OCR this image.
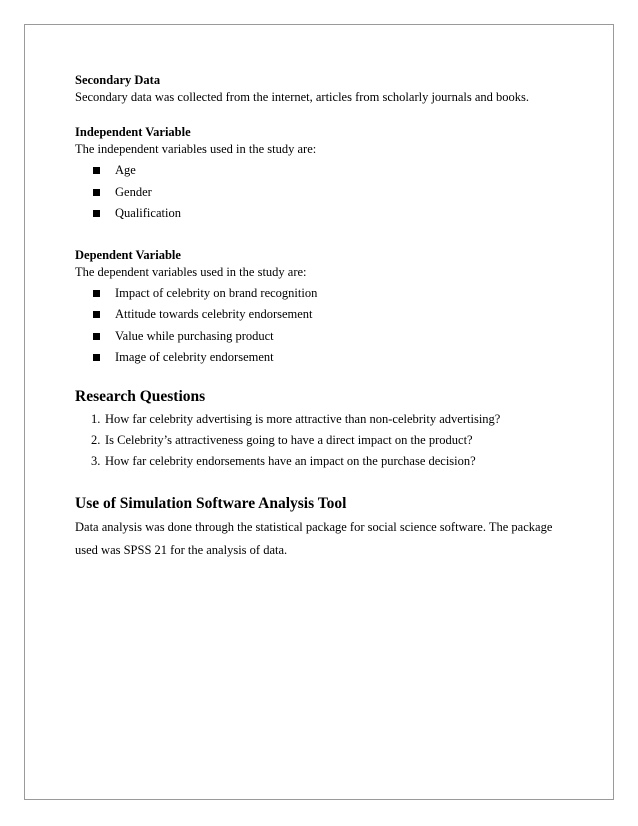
Secondary Data

Secondary data was collected from the internet, articles from scholarly journals and books.

Independent Variable

The independent variables used in the study are:

Age
Gender
Qualification

Dependent Variable

The dependent variables used in the study are:

Impact of celebrity on brand recognition
Attitude towards celebrity endorsement
Value while purchasing product
Image of celebrity endorsement

Research Questions

1. How far celebrity advertising is more attractive than non-celebrity advertising?
2. Is Celebrity’s attractiveness going to have a direct impact on the product?
3. How far celebrity endorsements have an impact on the purchase decision?

Use of Simulation Software Analysis Tool

Data analysis was done through the statistical package for social science software. The package used was SPSS 21 for the analysis of data.
